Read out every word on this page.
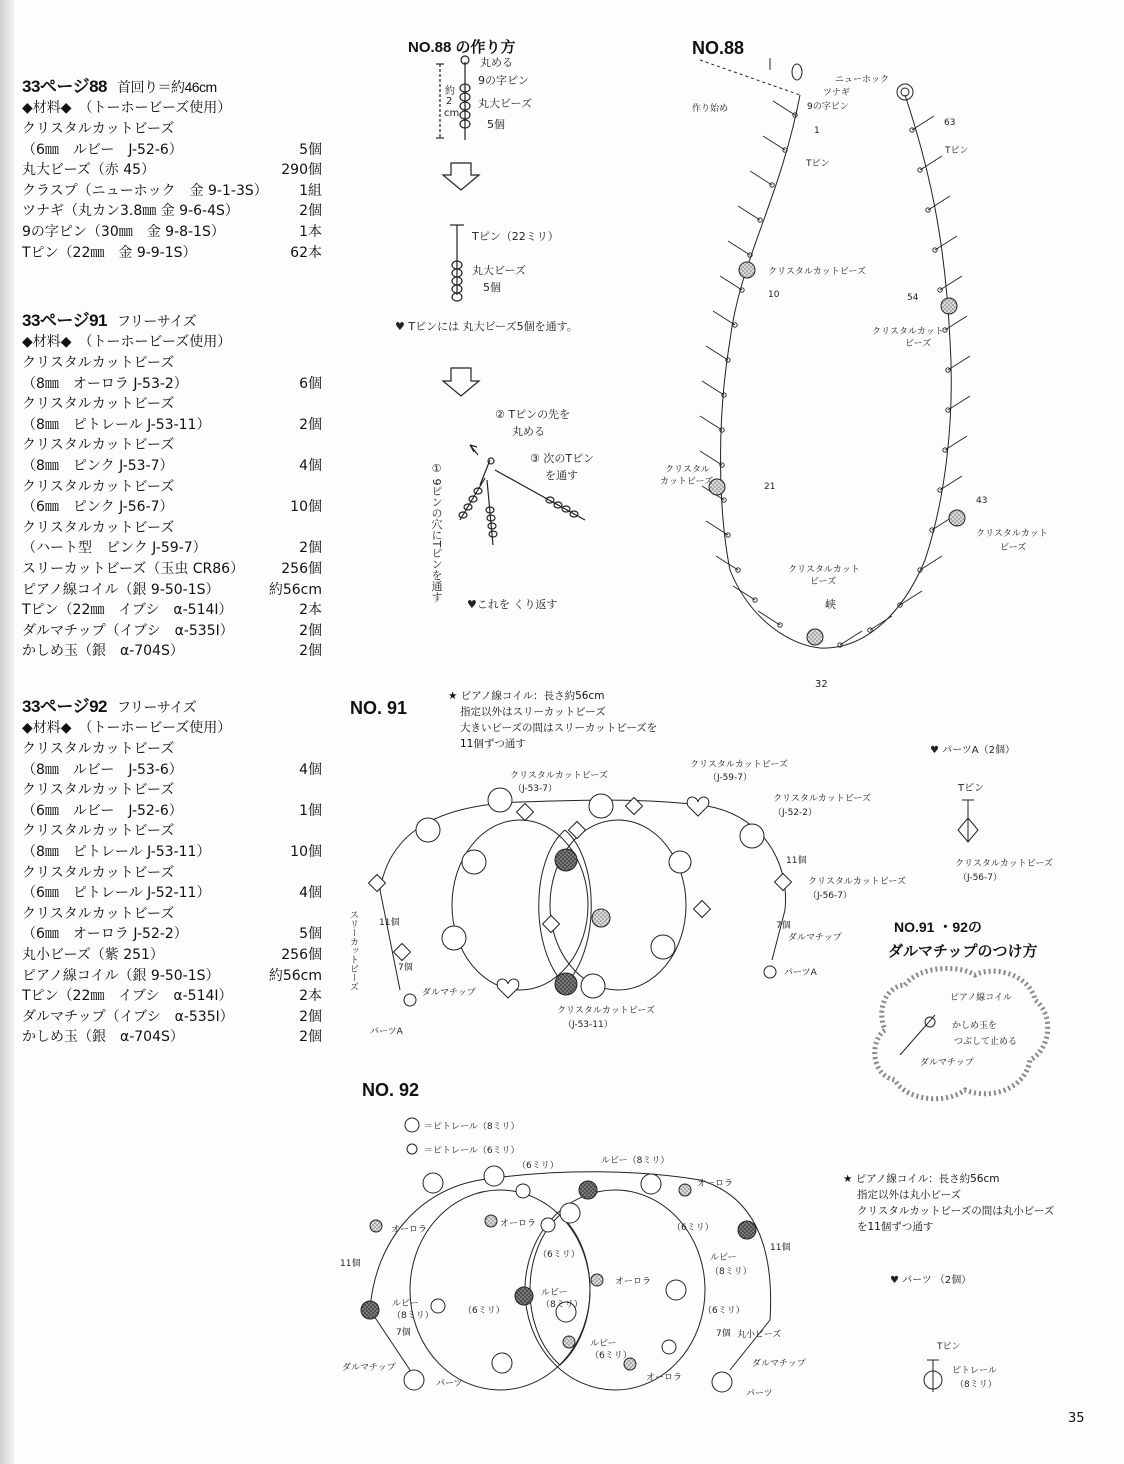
33ページ88 首回り＝約46cm
◆材料◆　（トーホービーズ使用）
クリスタルカットビーズ
（6㎜　ルビー　J-52-6）	5個
丸大ビーズ（赤 45）	290個
クラスプ（ニューホック　金 9-1-3S） 1組
ツナギ（丸カン3.8㎜ 金 9-6-4S）	2個
9の字ピン（30㎜　金 9-8-1S）	1本
Tピン（22㎜　金 9-9-1S）	62本
33ページ91 フリーサイズ
◆材料◆　（トーホービーズ使用）
クリスタルカットビーズ
（8㎜　オーロラ J-53-2）	6個
クリスタルカットビーズ
（8㎜　ピトレール J-53-11）	2個
クリスタルカットビーズ
（8㎜　ピンク J-53-7）	4個
クリスタルカットビーズ
（6㎜　ピンク J-56-7）	10個
クリスタルカットビーズ
（ハート型　ピンク J-59-7）	2個
スリーカットビーズ（玉虫 CR86）	256個
ピアノ線コイル（銀 9-50-1S）	約56cm
Tピン（22㎜　イブシ　α-514I）	2本
ダルマチップ（イブシ　α-535I）	2個
かしめ玉（銀　α-704S）	2個
33ページ92 フリーサイズ
◆材料◆　（トーホービーズ使用）
クリスタルカットビーズ
（8㎜　ルビー　J-53-6）	4個
クリスタルカットビーズ
（6㎜　ルビー　J-52-6）	1個
クリスタルカットビーズ
（8㎜　ピトレール J-53-11）	10個
クリスタルカットビーズ
（6㎜　ピトレール J-52-11）	4個
クリスタルカットビーズ
（6㎜　オーロラ J-52-2）	5個
丸小ビーズ（紫 251）	256個
ピアノ線コイル（銀 9-50-1S）	約56cm
Tピン（22㎜　イブシ　α-514I）	2本
ダルマチップ（イブシ　α-535I）	2個
かしめ玉（銀　α-704S）	2個
NO.88 の作り方
丸める
9の字ピン
約
2
cm
丸大ビーズ
5個
Tピン（22ミリ）
丸大ビーズ
5個
♥ Tピンには 丸大ビーズ5個を通す。
② Tピンの先を
丸める
③ 次のTピン
を通す
① 9ピンの穴にTピンを通す
♥これを くり返す
NO.88
ニューホック
ツナギ
9の字ピン
作り始め
1
Tピン
63
Tピン
クリスタルカットビーズ
10	54
クリスタルカット
ビーズ
クリスタル
カットビーズ	21
43
クリスタルカット
ビーズ
クリスタルカット
ビーズ
峡
32
NO. 91
★ ピアノ線コイル：長さ約56cm
指定以外はスリーカットビーズ
大きいビーズの間はスリーカットビーズを
11個ずつ通す
クリスタルカットビーズ
（J-53-7）
クリスタルカットビーズ
（J-59-7）
クリスタルカットビーズ
（J-52-2）
11個
クリスタルカットビーズ
（J-56-7）
7個
ダルマチップ
パーツA
11個
スリーカットビーズ	7個
ダルマチップ
パーツA
クリスタルカットビーズ
（J-53-11）
♥ パーツA（2個）
Tピン
クリスタルカットビーズ
（J-56-7）
NO.91 ・92の
ダルマチップのつけ方
ピアノ線コイル
かしめ玉を
つぶして止める
ダルマチップ
NO. 92
＝ピトレール（8ミリ）
＝ピトレール（6ミリ）
（6ミリ）	ルビー（8ミリ）
オーロラ
オーロラ
オーロラ	（6ミリ）
（6ミリ）
オーロラ
11個
ルビー
（8ミリ）
11個
ルビー
（8ミリ）
ルビー
（8ミリ）	（6ミリ）	（6ミリ）
7個	7個 丸小ビーズ
ルビー
（6ミリ）
オーロラ
ダルマチップ	ダルマチップ
パーツ
パーツ
★ ピアノ線コイル：長さ約56cm
指定以外は丸小ビーズ
クリスタルカットビーズの間は丸小ビーズ
を11個ずつ通す
♥ パーツ （2個）
Tピン
ピトレール
（8ミリ）
35
